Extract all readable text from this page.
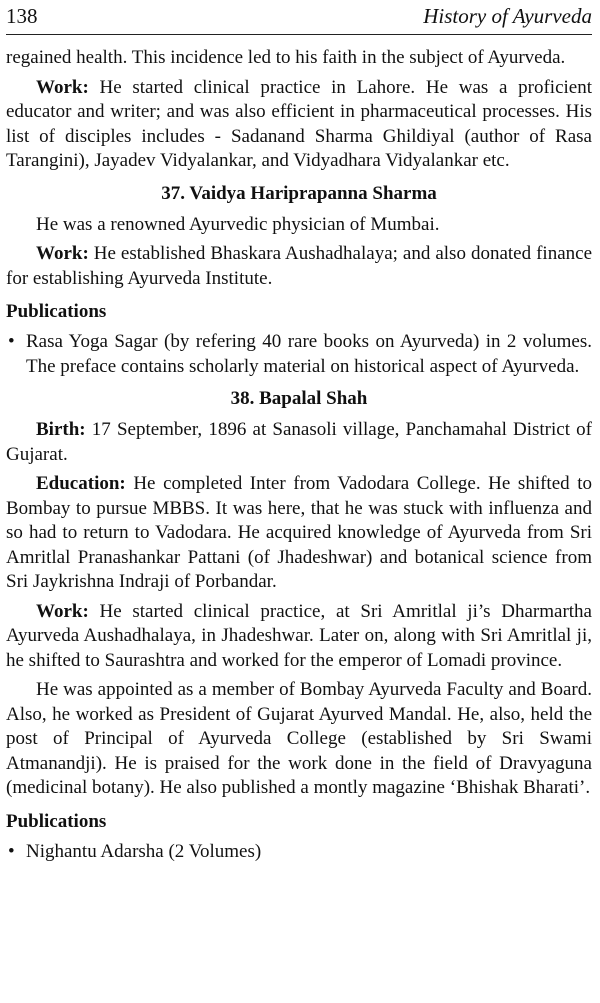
138	History of Ayurveda

regained health. This incidence led to his faith in the subject of Ayurveda.

Work: He started clinical practice in Lahore. He was a proficient educator and writer; and was also efficient in pharmaceutical processes. His list of disciples includes - Sadanand Sharma Ghildiyal (author of Rasa Tarangini), Jayadev Vidyalankar, and Vidyadhara Vidyalankar etc.

37. Vaidya Hariprapanna Sharma

He was a renowned Ayurvedic physician of Mumbai.

Work: He established Bhaskara Aushadhalaya; and also donated finance for establishing Ayurveda Institute.

Publications
• Rasa Yoga Sagar (by refering 40 rare books on Ayurveda) in 2 volumes. The preface contains scholarly material on historical aspect of Ayurveda.
38. Bapalal Shah

Birth: 17 September, 1896 at Sanasoli village, Panchamahal District of Gujarat.

Education: He completed Inter from Vadodara College. He shifted to Bombay to pursue MBBS. It was here, that he was stuck with influenza and so had to return to Vadodara. He acquired knowledge of Ayurveda from Sri Amritlal Pranashankar Pattani (of Jhadeshwar) and botanical science from Sri Jaykrishna Indraji of Porbandar.

Work: He started clinical practice, at Sri Amritlal ji’s Dharmartha Ayurveda Aushadhalaya, in Jhadeshwar. Later on, along with Sri Amritlal ji, he shifted to Saurashtra and worked for the emperor of Lomadi province.

He was appointed as a member of Bombay Ayurveda Faculty and Board. Also, he worked as President of Gujarat Ayurved Mandal. He, also, held the post of Principal of Ayurveda College (established by Sri Swami Atmanandji). He is praised for the work done in the field of Dravyaguna (medicinal botany). He also published a montly magazine ‘Bhishak Bharati’.

Publications
• Nighantu Adarsha (2 Volumes)
